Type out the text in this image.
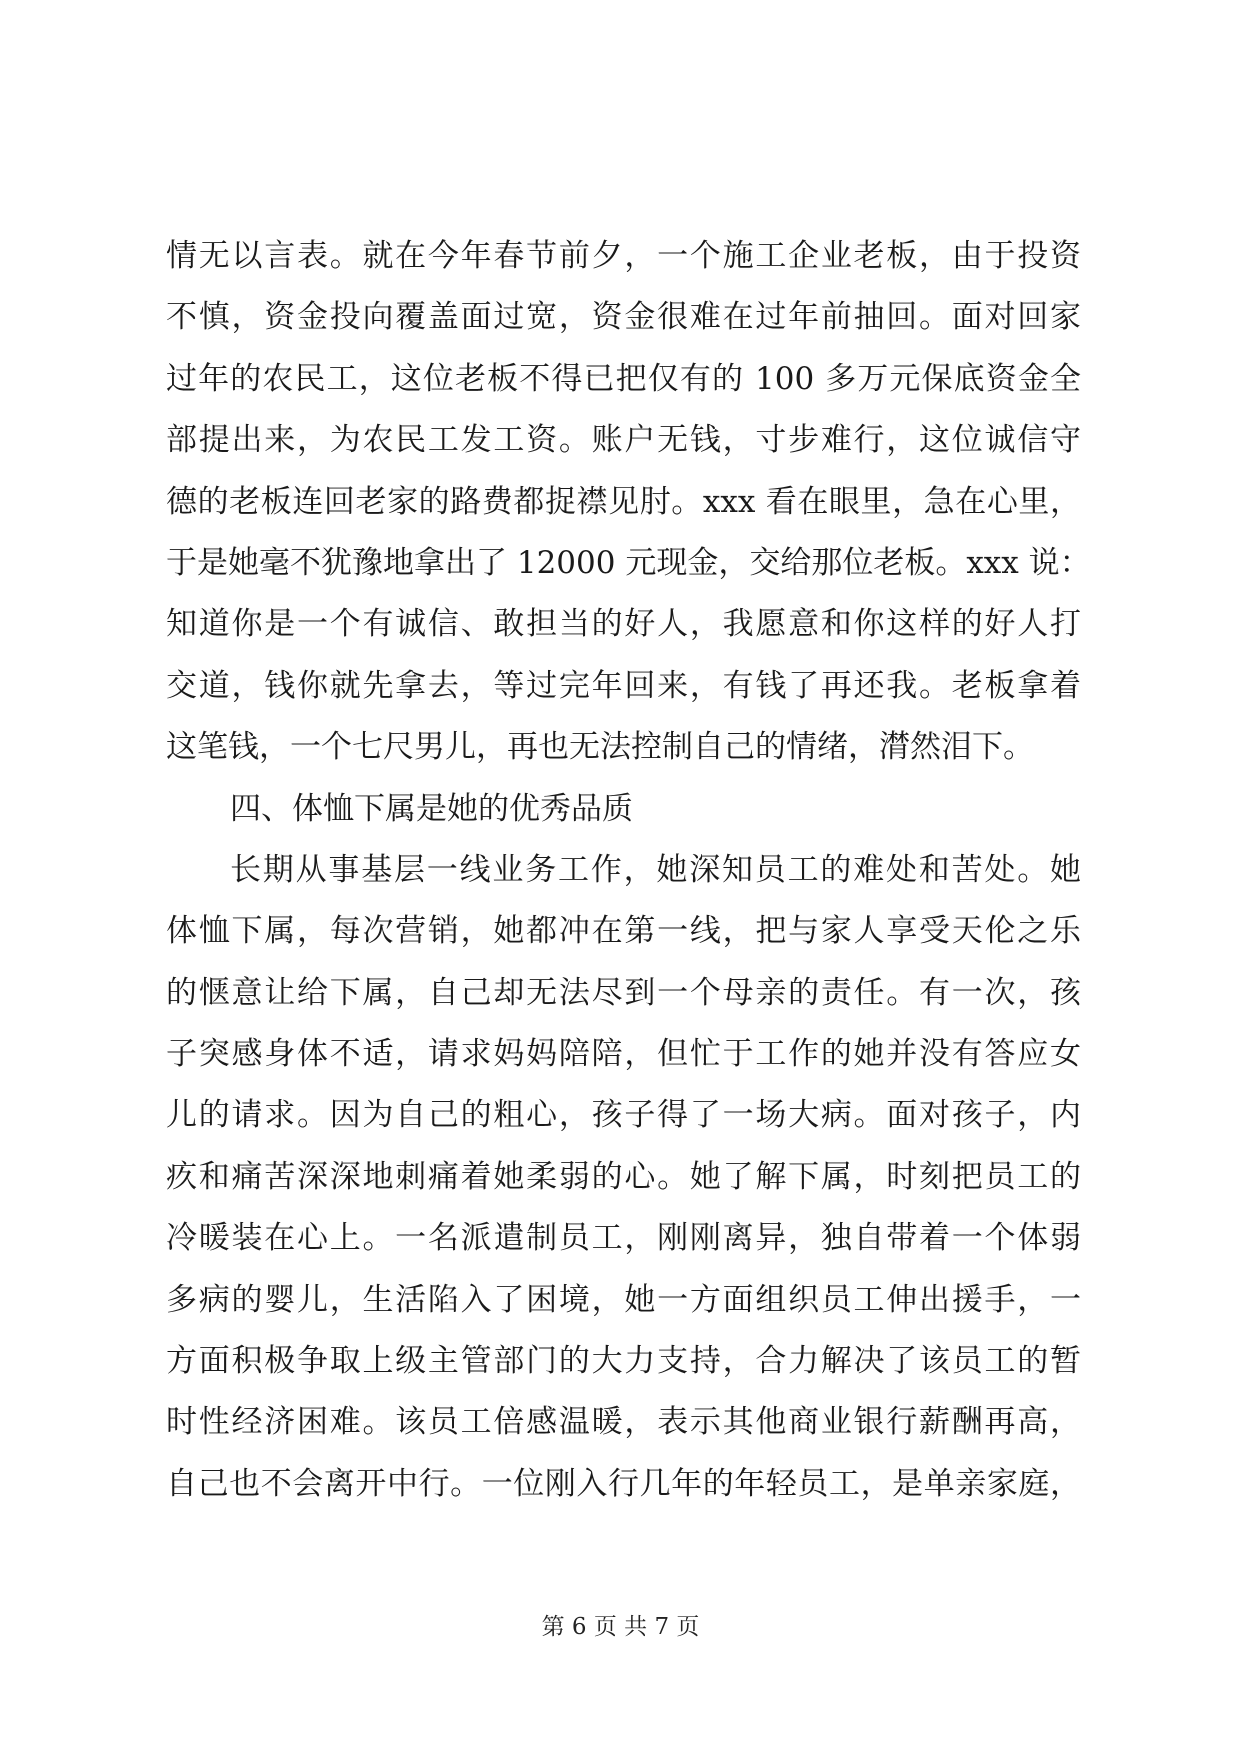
情无以言表。就在今年春节前夕，一个施工企业老板，由于投资
不慎，资金投向覆盖面过宽，资金很难在过年前抽回。面对回家
过年的农民工，这位老板不得已把仅有的 100 多万元保底资金全
部提出来，为农民工发工资。账户无钱，寸步难行，这位诚信守
德的老板连回老家的路费都捉襟见肘。xxx 看在眼里，急在心里，
于是她毫不犹豫地拿出了 12000 元现金，交给那位老板。xxx 说：
知道你是一个有诚信、敢担当的好人，我愿意和你这样的好人打
交道，钱你就先拿去，等过完年回来，有钱了再还我。老板拿着
这笔钱，一个七尺男儿，再也无法控制自己的情绪，潸然泪下。
四、体恤下属是她的优秀品质
长期从事基层一线业务工作，她深知员工的难处和苦处。她
体恤下属，每次营销，她都冲在第一线，把与家人享受天伦之乐
的惬意让给下属，自己却无法尽到一个母亲的责任。有一次，孩
子突感身体不适，请求妈妈陪陪，但忙于工作的她并没有答应女
儿的请求。因为自己的粗心，孩子得了一场大病。面对孩子，内
疚和痛苦深深地刺痛着她柔弱的心。她了解下属，时刻把员工的
冷暖装在心上。一名派遣制员工，刚刚离异，独自带着一个体弱
多病的婴儿，生活陷入了困境，她一方面组织员工伸出援手，一
方面积极争取上级主管部门的大力支持，合力解决了该员工的暂
时性经济困难。该员工倍感温暖，表示其他商业银行薪酬再高，
自己也不会离开中行。一位刚入行几年的年轻员工，是单亲家庭，
第 6 页 共 7 页
